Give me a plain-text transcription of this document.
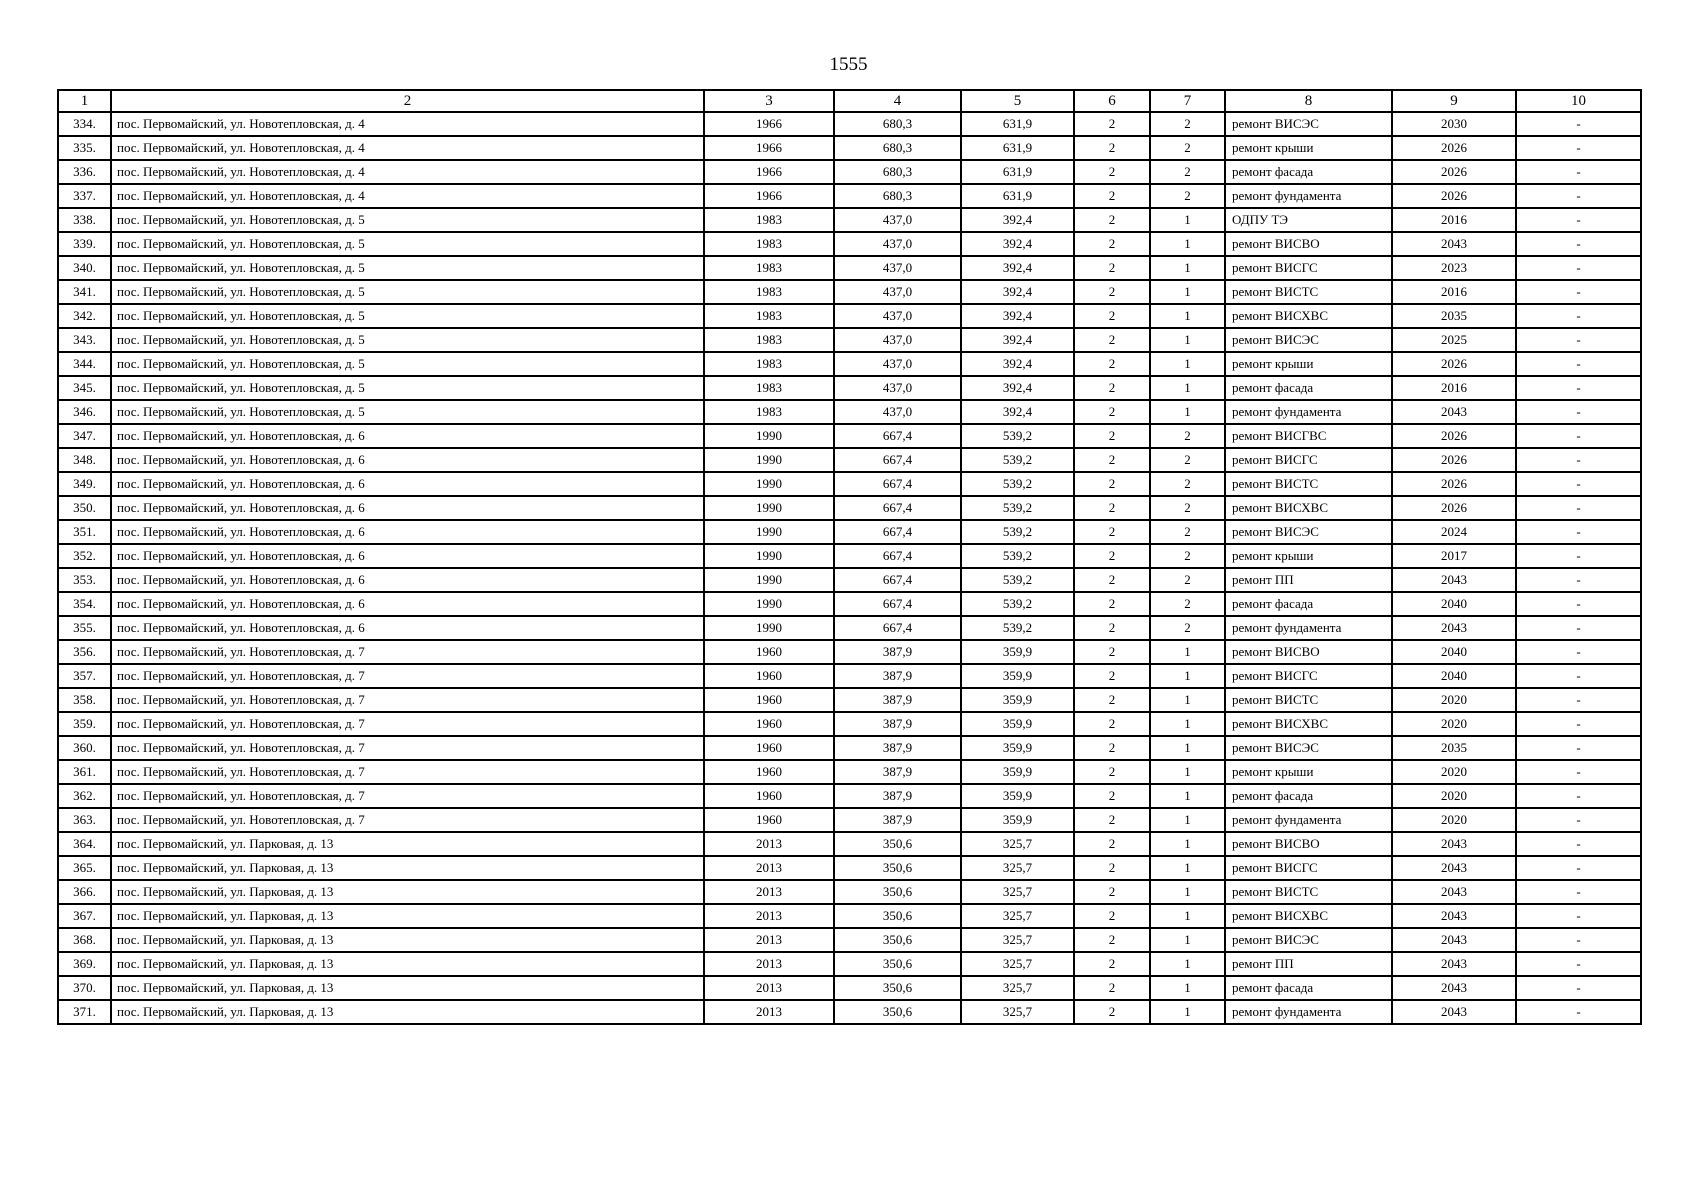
1555
1	2	3	4	5	6	7	8	9	10
334.	пос. Первомайский, ул. Новотепловская, д. 4	1966	680,3	631,9	2	2	ремонт ВИСЭС	2030	-
335.	пос. Первомайский, ул. Новотепловская, д. 4	1966	680,3	631,9	2	2	ремонт крыши	2026	-
336.	пос. Первомайский, ул. Новотепловская, д. 4	1966	680,3	631,9	2	2	ремонт фасада	2026	-
337.	пос. Первомайский, ул. Новотепловская, д. 4	1966	680,3	631,9	2	2	ремонт фундамента	2026	-
338.	пос. Первомайский, ул. Новотепловская, д. 5	1983	437,0	392,4	2	1	ОДПУ ТЭ	2016	-
339.	пос. Первомайский, ул. Новотепловская, д. 5	1983	437,0	392,4	2	1	ремонт ВИСВО	2043	-
340.	пос. Первомайский, ул. Новотепловская, д. 5	1983	437,0	392,4	2	1	ремонт ВИСГС	2023	-
341.	пос. Первомайский, ул. Новотепловская, д. 5	1983	437,0	392,4	2	1	ремонт ВИСТС	2016	-
342.	пос. Первомайский, ул. Новотепловская, д. 5	1983	437,0	392,4	2	1	ремонт ВИСХВС	2035	-
343.	пос. Первомайский, ул. Новотепловская, д. 5	1983	437,0	392,4	2	1	ремонт ВИСЭС	2025	-
344.	пос. Первомайский, ул. Новотепловская, д. 5	1983	437,0	392,4	2	1	ремонт крыши	2026	-
345.	пос. Первомайский, ул. Новотепловская, д. 5	1983	437,0	392,4	2	1	ремонт фасада	2016	-
346.	пос. Первомайский, ул. Новотепловская, д. 5	1983	437,0	392,4	2	1	ремонт фундамента	2043	-
347.	пос. Первомайский, ул. Новотепловская, д. 6	1990	667,4	539,2	2	2	ремонт ВИСГВС	2026	-
348.	пос. Первомайский, ул. Новотепловская, д. 6	1990	667,4	539,2	2	2	ремонт ВИСГС	2026	-
349.	пос. Первомайский, ул. Новотепловская, д. 6	1990	667,4	539,2	2	2	ремонт ВИСТС	2026	-
350.	пос. Первомайский, ул. Новотепловская, д. 6	1990	667,4	539,2	2	2	ремонт ВИСХВС	2026	-
351.	пос. Первомайский, ул. Новотепловская, д. 6	1990	667,4	539,2	2	2	ремонт ВИСЭС	2024	-
352.	пос. Первомайский, ул. Новотепловская, д. 6	1990	667,4	539,2	2	2	ремонт крыши	2017	-
353.	пос. Первомайский, ул. Новотепловская, д. 6	1990	667,4	539,2	2	2	ремонт ПП	2043	-
354.	пос. Первомайский, ул. Новотепловская, д. 6	1990	667,4	539,2	2	2	ремонт фасада	2040	-
355.	пос. Первомайский, ул. Новотепловская, д. 6	1990	667,4	539,2	2	2	ремонт фундамента	2043	-
356.	пос. Первомайский, ул. Новотепловская, д. 7	1960	387,9	359,9	2	1	ремонт ВИСВО	2040	-
357.	пос. Первомайский, ул. Новотепловская, д. 7	1960	387,9	359,9	2	1	ремонт ВИСГС	2040	-
358.	пос. Первомайский, ул. Новотепловская, д. 7	1960	387,9	359,9	2	1	ремонт ВИСТС	2020	-
359.	пос. Первомайский, ул. Новотепловская, д. 7	1960	387,9	359,9	2	1	ремонт ВИСХВС	2020	-
360.	пос. Первомайский, ул. Новотепловская, д. 7	1960	387,9	359,9	2	1	ремонт ВИСЭС	2035	-
361.	пос. Первомайский, ул. Новотепловская, д. 7	1960	387,9	359,9	2	1	ремонт крыши	2020	-
362.	пос. Первомайский, ул. Новотепловская, д. 7	1960	387,9	359,9	2	1	ремонт фасада	2020	-
363.	пос. Первомайский, ул. Новотепловская, д. 7	1960	387,9	359,9	2	1	ремонт фундамента	2020	-
364.	пос. Первомайский, ул. Парковая, д. 13	2013	350,6	325,7	2	1	ремонт ВИСВО	2043	-
365.	пос. Первомайский, ул. Парковая, д. 13	2013	350,6	325,7	2	1	ремонт ВИСГС	2043	-
366.	пос. Первомайский, ул. Парковая, д. 13	2013	350,6	325,7	2	1	ремонт ВИСТС	2043	-
367.	пос. Первомайский, ул. Парковая, д. 13	2013	350,6	325,7	2	1	ремонт ВИСХВС	2043	-
368.	пос. Первомайский, ул. Парковая, д. 13	2013	350,6	325,7	2	1	ремонт ВИСЭС	2043	-
369.	пос. Первомайский, ул. Парковая, д. 13	2013	350,6	325,7	2	1	ремонт ПП	2043	-
370.	пос. Первомайский, ул. Парковая, д. 13	2013	350,6	325,7	2	1	ремонт фасада	2043	-
371.	пос. Первомайский, ул. Парковая, д. 13	2013	350,6	325,7	2	1	ремонт фундамента	2043	-
